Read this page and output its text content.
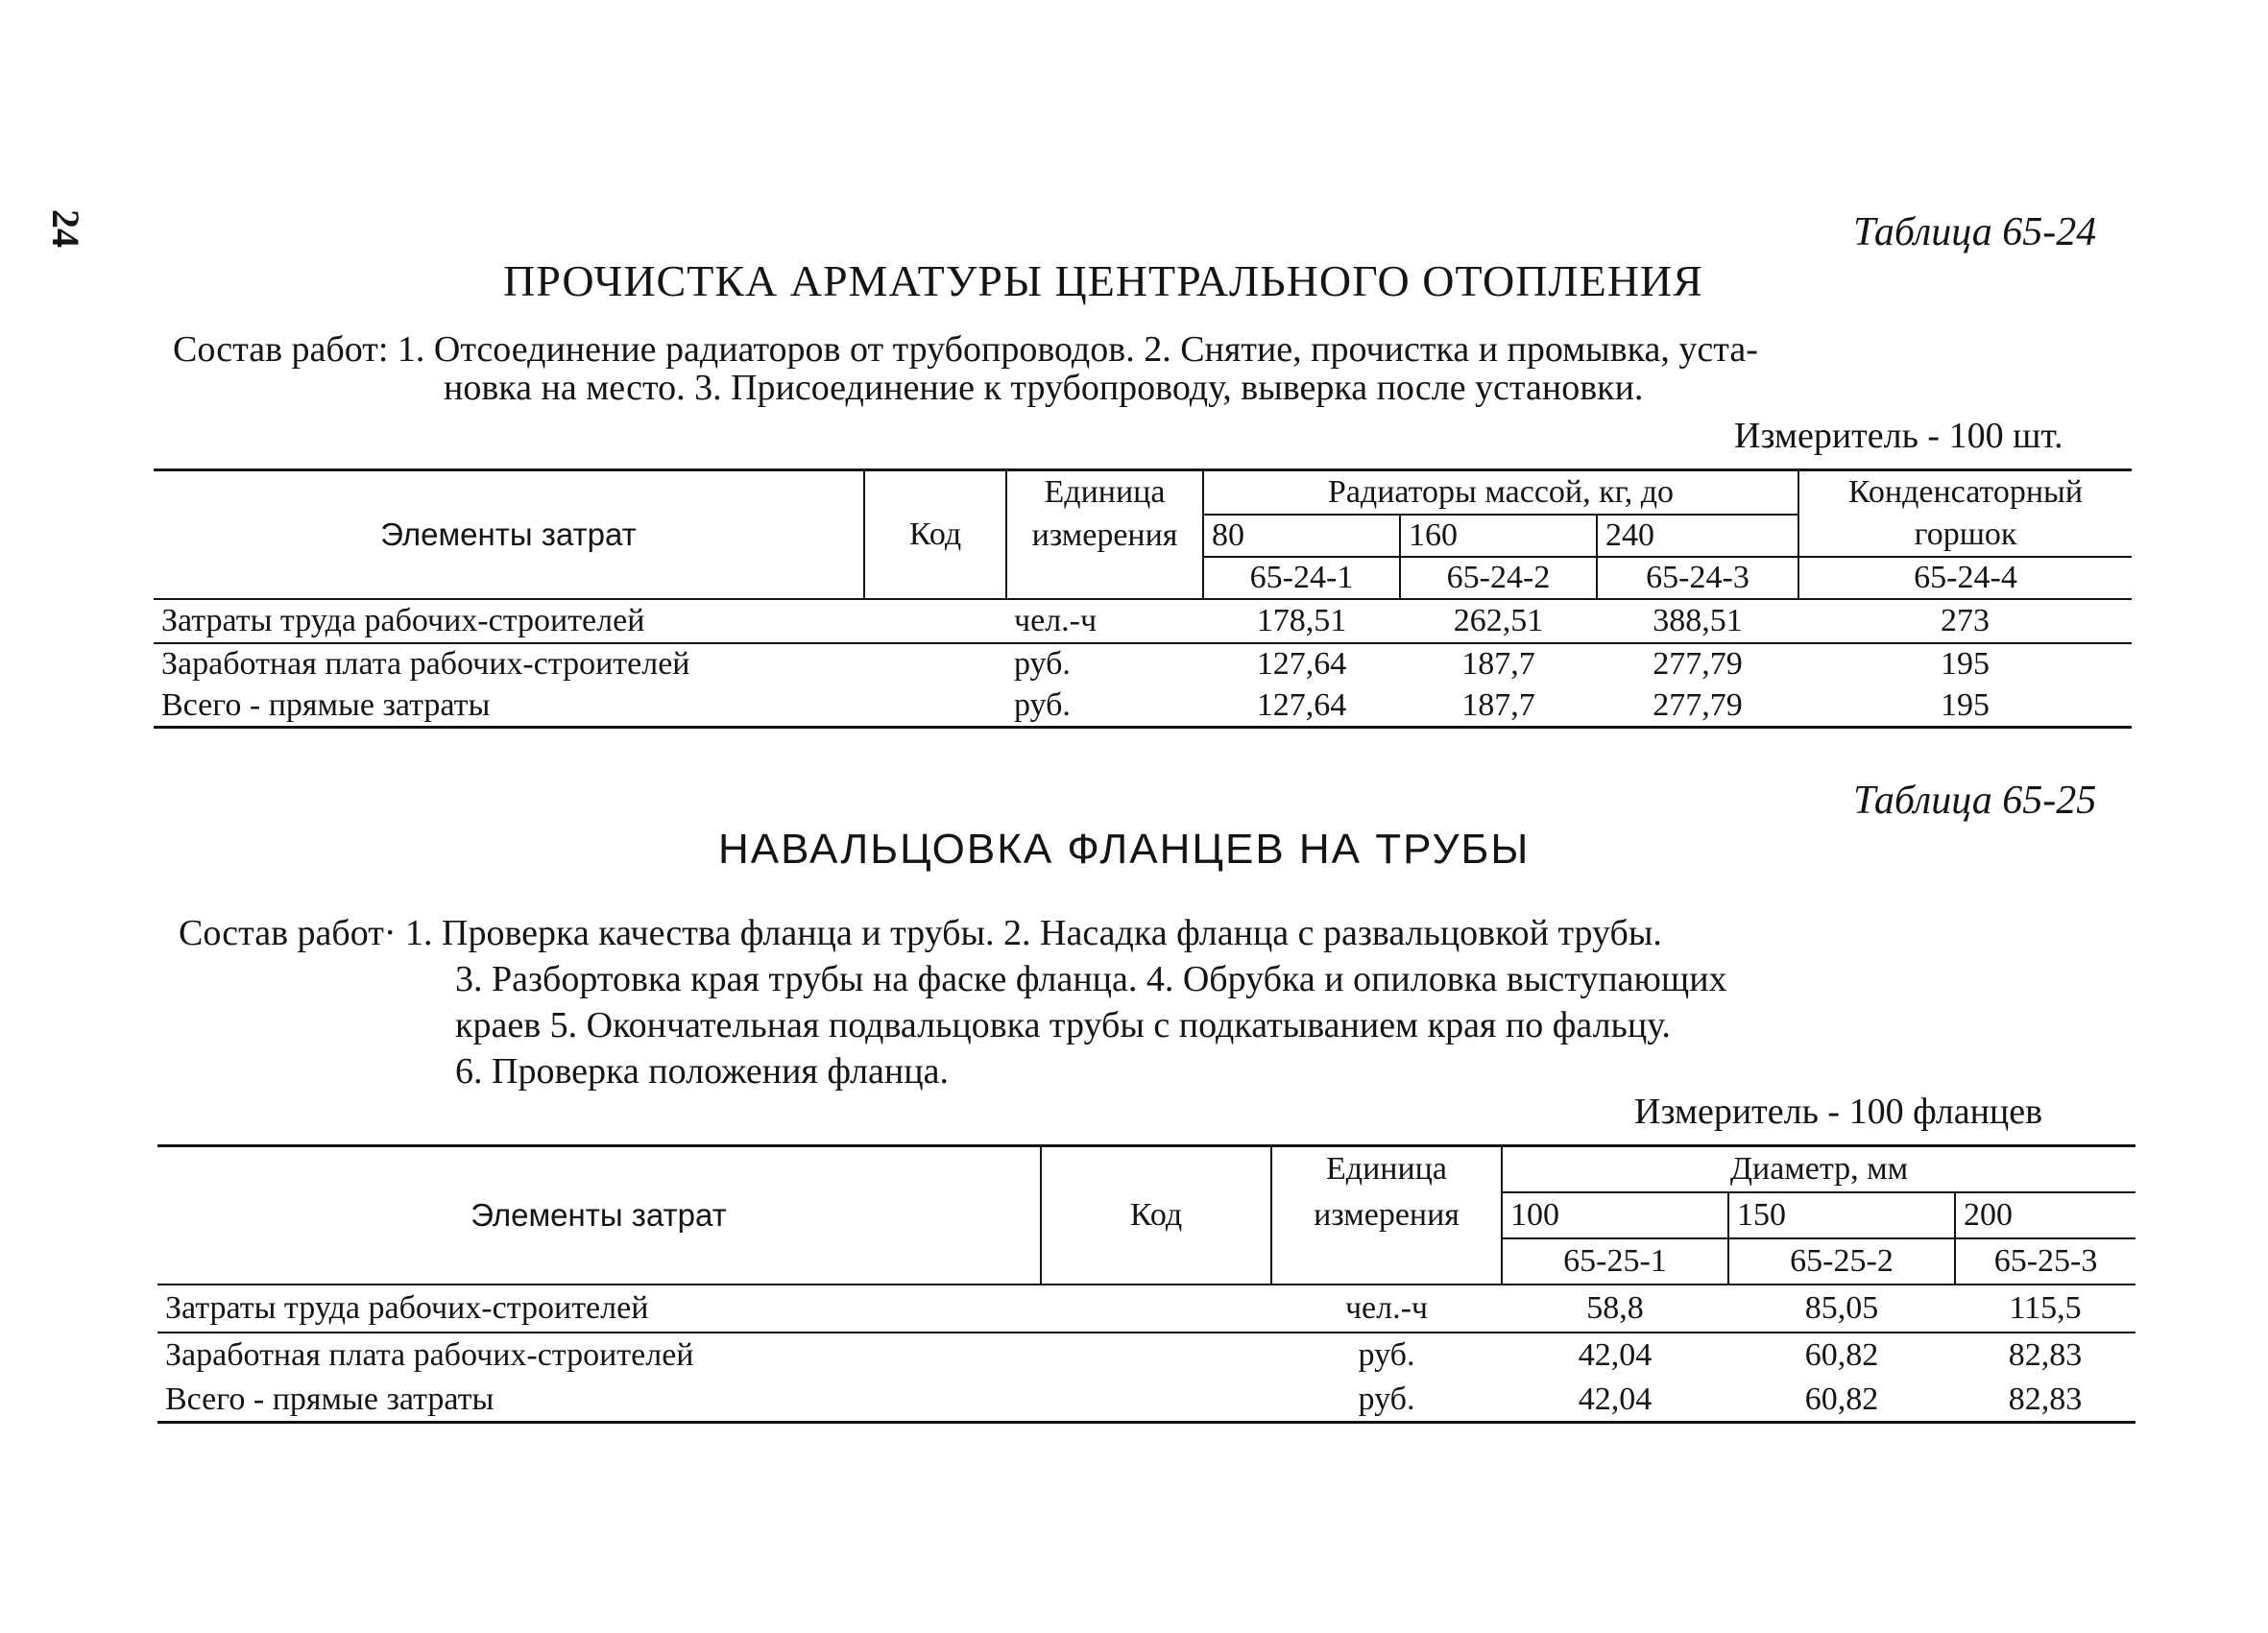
24	Таблица 65-24
ПРОЧИСТКА АРМАТУРЫ ЦЕНТРАЛЬНОГО ОТОПЛЕНИЯ
Состав работ: 1. Отсоединение радиаторов от трубопроводов. 2. Снятие, прочистка и промывка, уста-
новка на место. 3. Присоединение к трубопроводу, выверка после установки.
Измеритель - 100 шт.
Элементы затрат	Код	Единица	Радиаторы массой, кг, до			Конденсаторный
		измерения	80	160	240	горшок
			65-24-1	65-24-2	65-24-3	65-24-4
Затраты труда рабочих-строителей		чел.-ч	178,51	262,51	388,51	273
Заработная плата рабочих-строителей		руб.	127,64	187,7	277,79	195
Всего - прямые затраты		руб.	127,64	187,7	277,79	195
Таблица 65-25
НАВАЛЬЦОВКА ФЛАНЦЕВ НА ТРУБЫ
Состав работ· 1. Проверка качества фланца и трубы. 2. Насадка фланца с развальцовкой трубы.
3. Разбортовка края трубы на фаске фланца. 4. Обрубка и опиловка выступающих
краев 5. Окончательная подвальцовка трубы с подкатыванием края по фальцу.
6. Проверка положения фланца.
Измеритель - 100 фланцев
Элементы затрат	Код	Единица	Диаметр, мм		
		измерения	100	150	200
			65-25-1	65-25-2	65-25-3
Затраты труда рабочих-строителей		чел.-ч	58,8	85,05	115,5
Заработная плата рабочих-строителей		руб.	42,04	60,82	82,83
Всего - прямые затраты		руб.	42,04	60,82	82,83
